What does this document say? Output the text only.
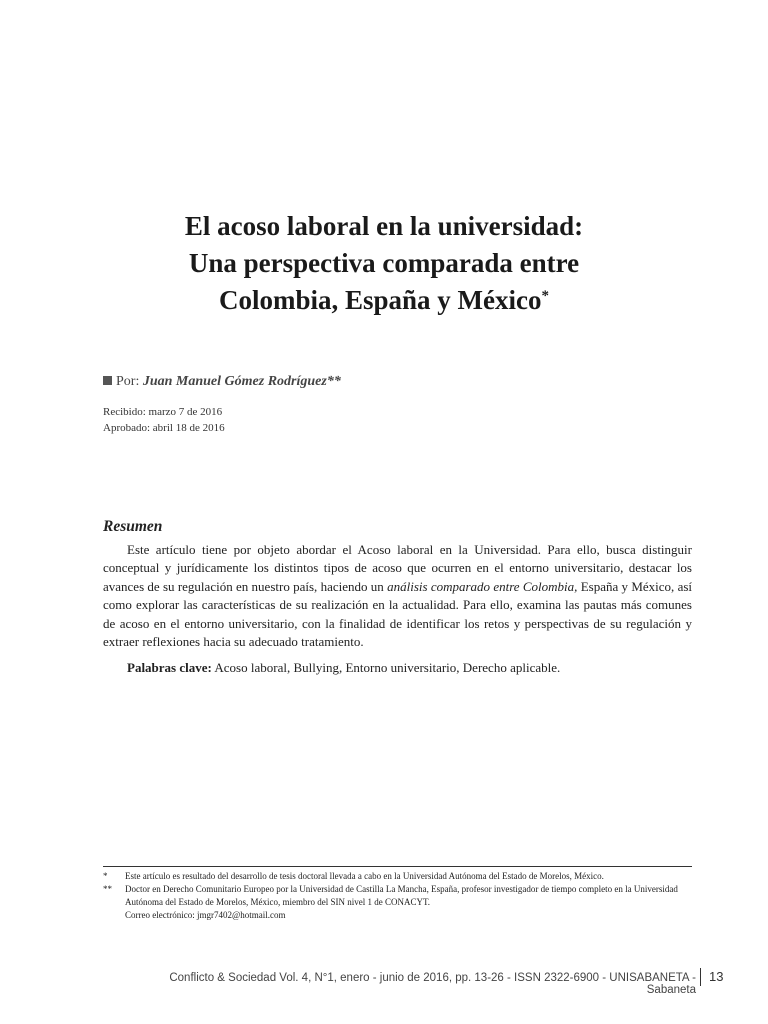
El acoso laboral en la universidad:
Una perspectiva comparada entre
Colombia, España y México*
Por: Juan Manuel Gómez Rodríguez**
Recibido: marzo 7 de 2016
Aprobado: abril 18 de 2016
Resumen

Este artículo tiene por objeto abordar el Acoso laboral en la Universidad. Para ello, busca distinguir conceptual y jurídicamente los distintos tipos de acoso que ocurren en el entorno universitario, destacar los avances de su regulación en nuestro país, haciendo un análisis comparado entre Colombia, España y México, así como explorar las características de su realización en la actualidad. Para ello, examina las pautas más comunes de acoso en el entorno universitario, con la finalidad de identificar los retos y perspectivas de su regulación y extraer reflexiones hacia su adecuado tratamiento.

Palabras clave: Acoso laboral, Bullying, Entorno universitario, Derecho aplicable.

*	Este artículo es resultado del desarrollo de tesis doctoral llevada a cabo en la Universidad Autónoma del Estado de Morelos, México.
**	Doctor en Derecho Comunitario Europeo por la Universidad de Castilla La Mancha, España, profesor investigador de tiempo completo en la Universidad Autónoma del Estado de Morelos, México, miembro del SIN nivel 1 de CONACYT.
Correo electrónico: jmgr7402@hotmail.com
Conflicto & Sociedad Vol. 4, N°1, enero - junio de 2016, pp. 13-26 - ISSN 2322-6900 - UNISABANETA - Sabaneta
13
